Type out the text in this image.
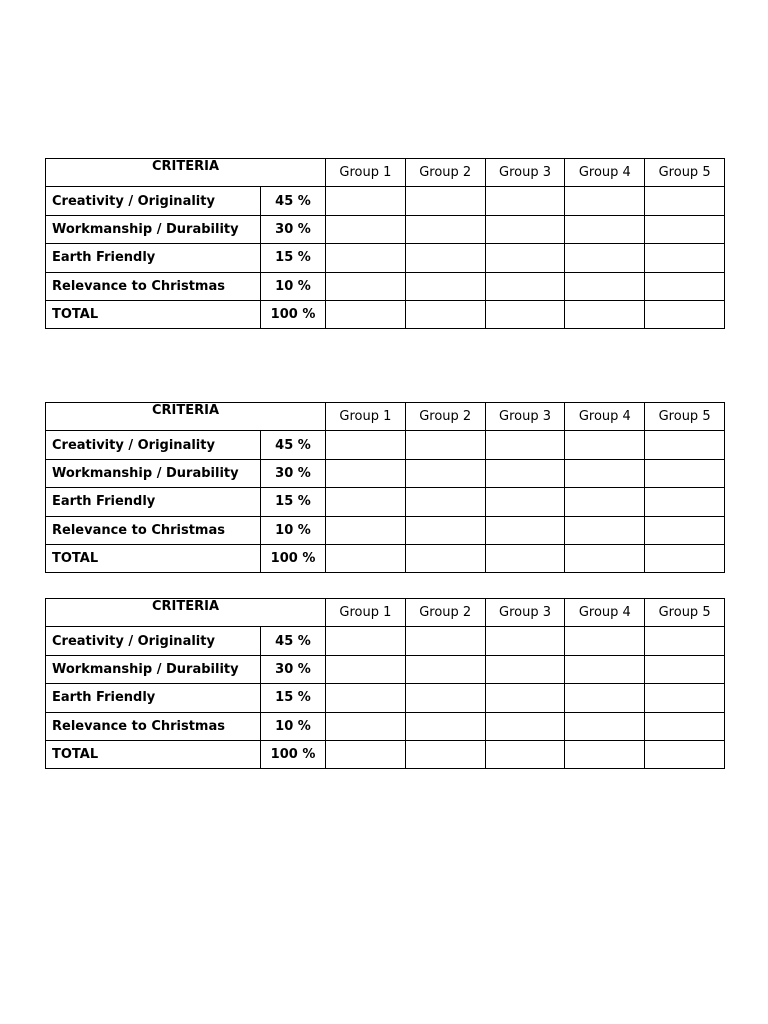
CRITERIA		Group 1	Group 2	Group 3	Group 4	Group 5
Creativity / Originality	45 %					
Workmanship / Durability	30 %					
Earth Friendly	15 %					
Relevance to Christmas	10 %					
TOTAL	100 %					
CRITERIA		Group 1	Group 2	Group 3	Group 4	Group 5
Creativity / Originality	45 %					
Workmanship / Durability	30 %					
Earth Friendly	15 %					
Relevance to Christmas	10 %					
TOTAL	100 %					
CRITERIA		Group 1	Group 2	Group 3	Group 4	Group 5
Creativity / Originality	45 %					
Workmanship / Durability	30 %					
Earth Friendly	15 %					
Relevance to Christmas	10 %					
TOTAL	100 %					
